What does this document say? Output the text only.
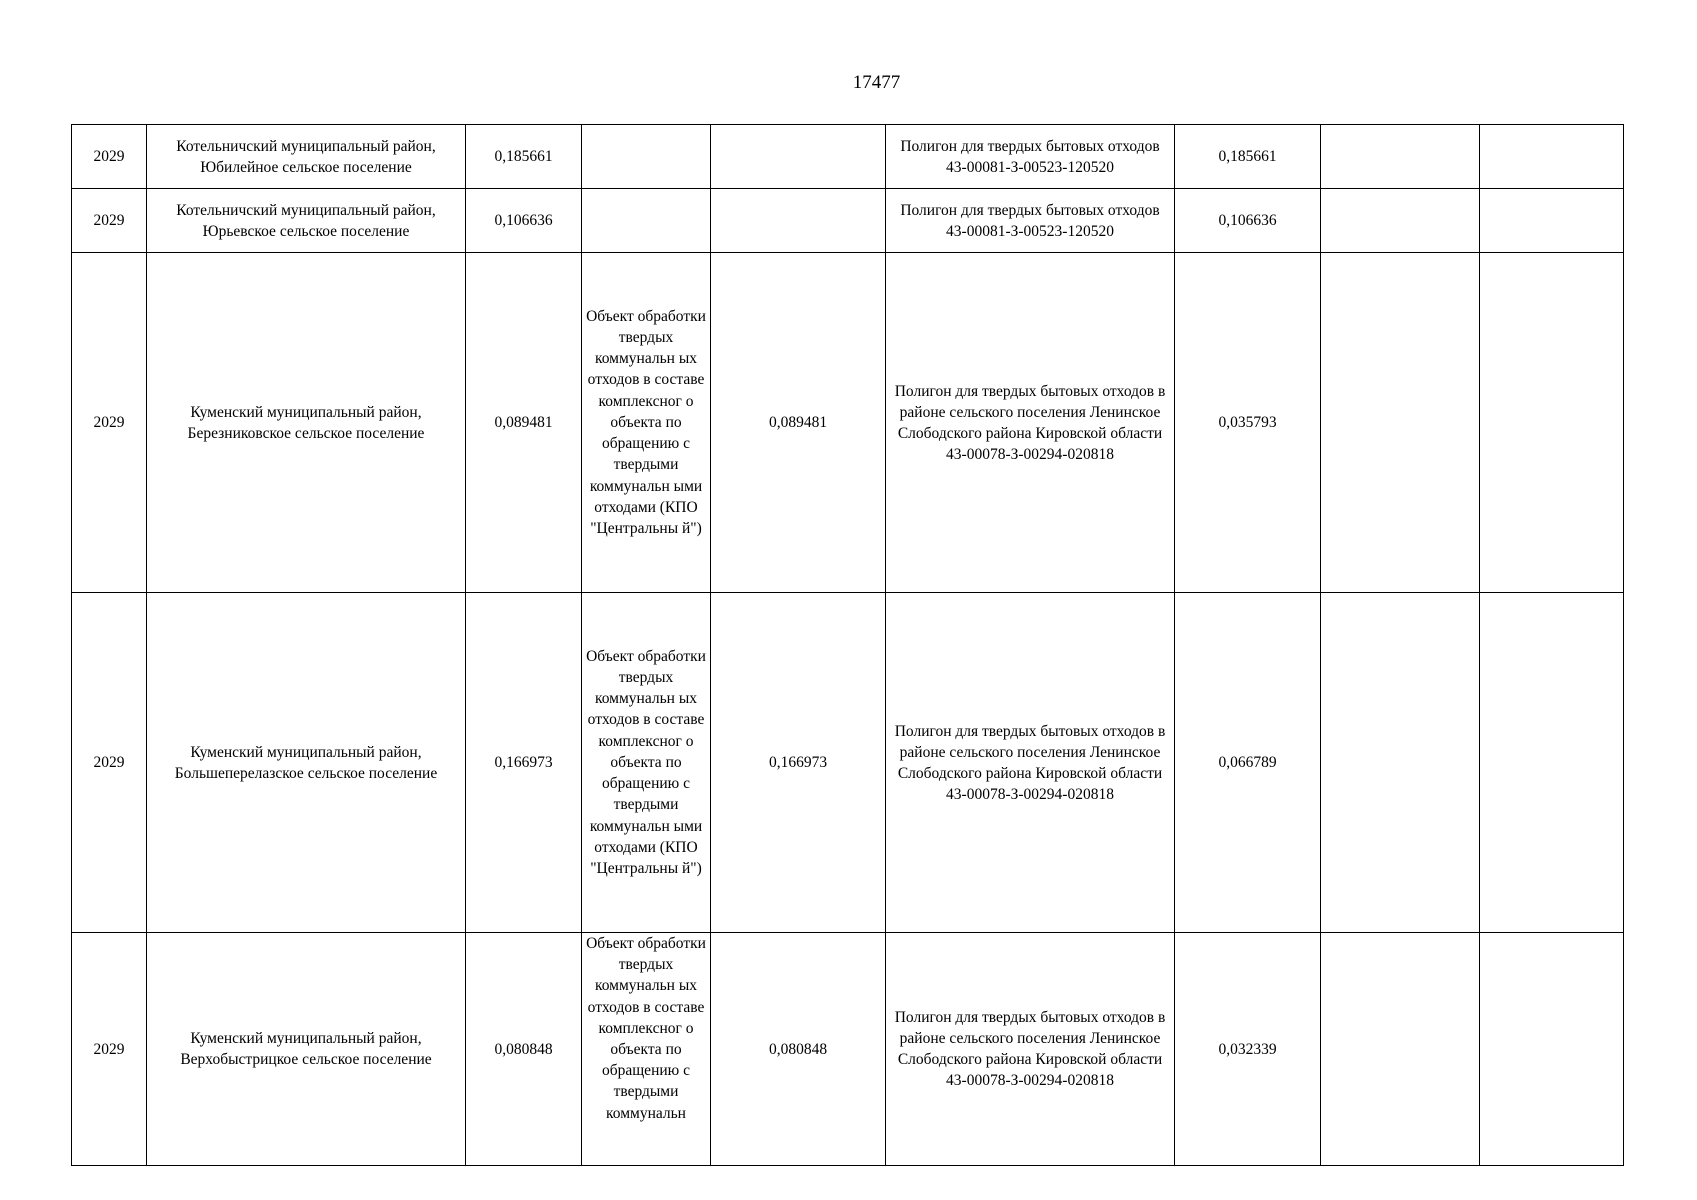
17477
2029	Котельничский муниципальный район, Юбилейное сельское поселение	0,185661			Полигон для твердых бытовых отходов 43-00081-З-00523-120520	0,185661		
2029	Котельничский муниципальный район, Юрьевское сельское поселение	0,106636			Полигон для твердых бытовых отходов 43-00081-З-00523-120520	0,106636		
2029	Куменский муниципальный район, Березниковское сельское поселение	0,089481	Объект обработки твердых коммунальн ых отходов в составе комплексног о объекта по обращению с твердыми коммунальн ыми отходами (КПО "Центральны й")	0,089481	Полигон для твердых бытовых отходов в районе сельского поселения Ленинское Слободского района Кировской области 43-00078-З-00294-020818	0,035793		
2029	Куменский муниципальный район, Большеперелазское сельское поселение	0,166973	Объект обработки твердых коммунальн ых отходов в составе комплексног о объекта по обращению с твердыми коммунальн ыми отходами (КПО "Центральны й")	0,166973	Полигон для твердых бытовых отходов в районе сельского поселения Ленинское Слободского района Кировской области 43-00078-З-00294-020818	0,066789		
2029	Куменский муниципальный район, Верхобыстрицкое сельское поселение	0,080848	Объект обработки твердых коммунальн ых отходов в составе комплексног о объекта по обращению с твердыми коммунальн	0,080848	Полигон для твердых бытовых отходов в районе сельского поселения Ленинское Слободского района Кировской области 43-00078-З-00294-020818	0,032339		
